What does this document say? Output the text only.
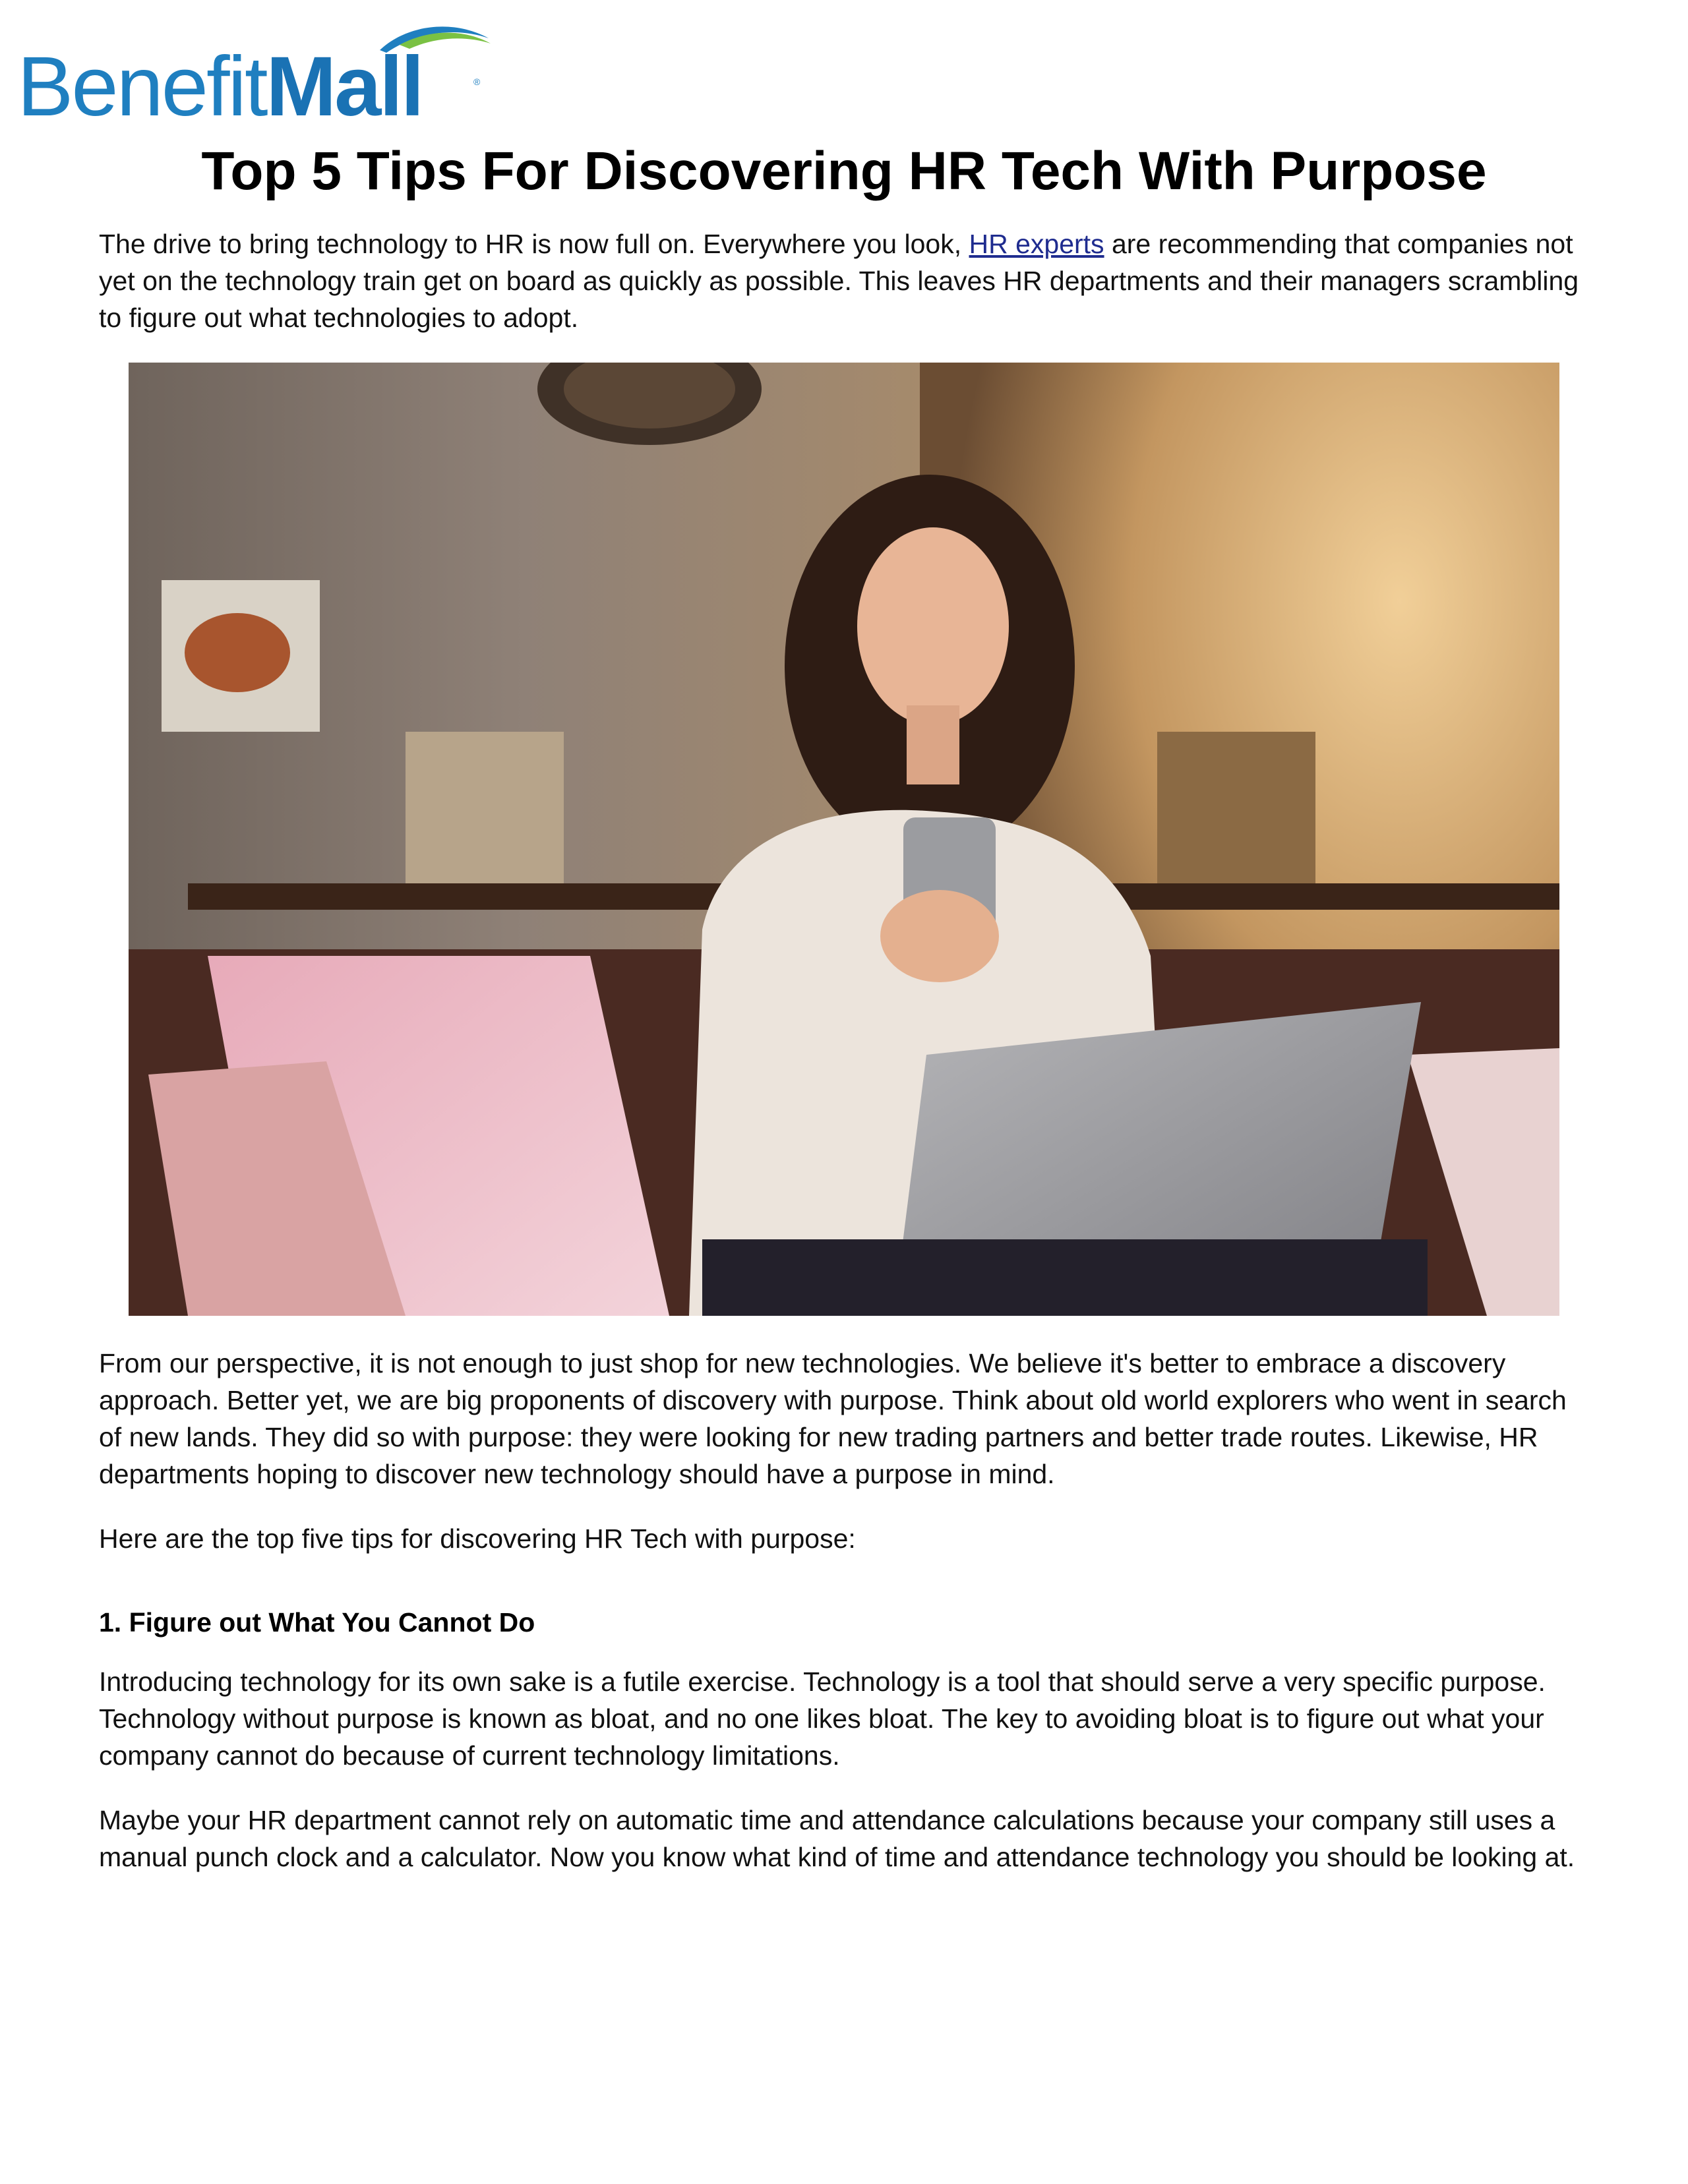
BenefitMall	®
Top 5 Tips For Discovering HR Tech With Purpose

The drive to bring technology to HR is now full on. Everywhere you look, HR experts are recommending that companies not yet on the technology train get on board as quickly as possible. This leaves HR departments and their managers scrambling to figure out what technologies to adopt.

From our perspective, it is not enough to just shop for new technologies. We believe it's better to embrace a discovery approach. Better yet, we are big proponents of discovery with purpose. Think about old world explorers who went in search of new lands. They did so with purpose: they were looking for new trading partners and better trade routes. Likewise, HR departments hoping to discover new technology should have a purpose in mind.

Here are the top five tips for discovering HR Tech with purpose:

1. Figure out What You Cannot Do

Introducing technology for its own sake is a futile exercise. Technology is a tool that should serve a very specific purpose. Technology without purpose is known as bloat, and no one likes bloat. The key to avoiding bloat is to figure out what your company cannot do because of current technology limitations.

Maybe your HR department cannot rely on automatic time and attendance calculations because your company still uses a manual punch clock and a calculator. Now you know what kind of time and attendance technology you should be looking at.
